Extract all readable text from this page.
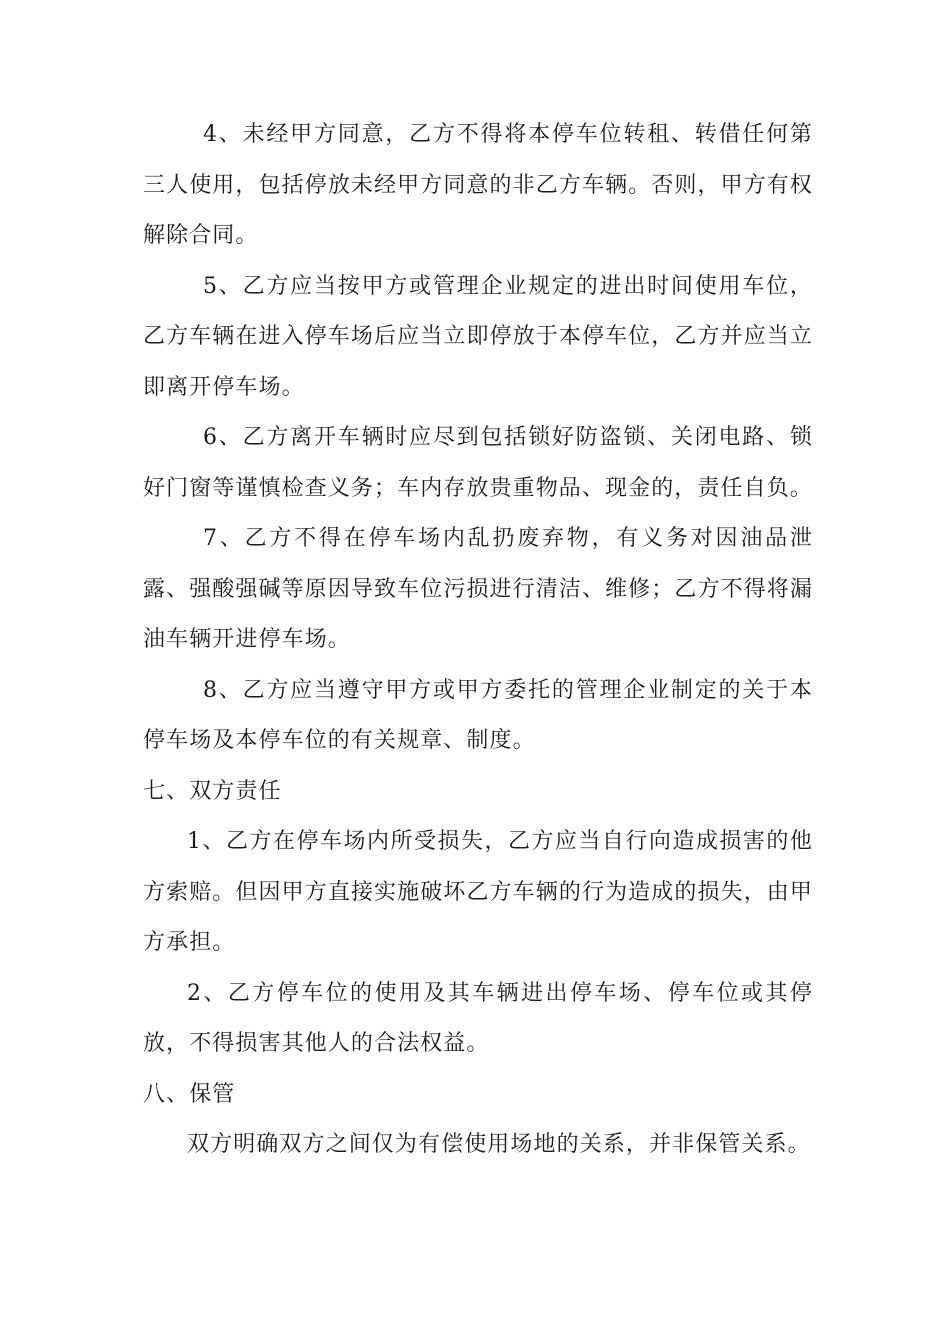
4、未经甲方同意，乙方不得将本停车位转租、转借任何第三人使用，包括停放未经甲方同意的非乙方车辆。否则，甲方有权解除合同。

5、乙方应当按甲方或管理企业规定的进出时间使用车位，乙方车辆在进入停车场后应当立即停放于本停车位，乙方并应当立即离开停车场。

6、乙方离开车辆时应尽到包括锁好防盗锁、关闭电路、锁好门窗等谨慎检查义务；车内存放贵重物品、现金的，责任自负。

7、乙方不得在停车场内乱扔废弃物，有义务对因油品泄露、强酸强碱等原因导致车位污损进行清洁、维修；乙方不得将漏油车辆开进停车场。

8、乙方应当遵守甲方或甲方委托的管理企业制定的关于本停车场及本停车位的有关规章、制度。

七、双方责任

1、乙方在停车场内所受损失，乙方应当自行向造成损害的他方索赔。但因甲方直接实施破坏乙方车辆的行为造成的损失，由甲方承担。

2、乙方停车位的使用及其车辆进出停车场、停车位或其停放，不得损害其他人的合法权益。

八、保管

双方明确双方之间仅为有偿使用场地的关系，并非保管关系。
